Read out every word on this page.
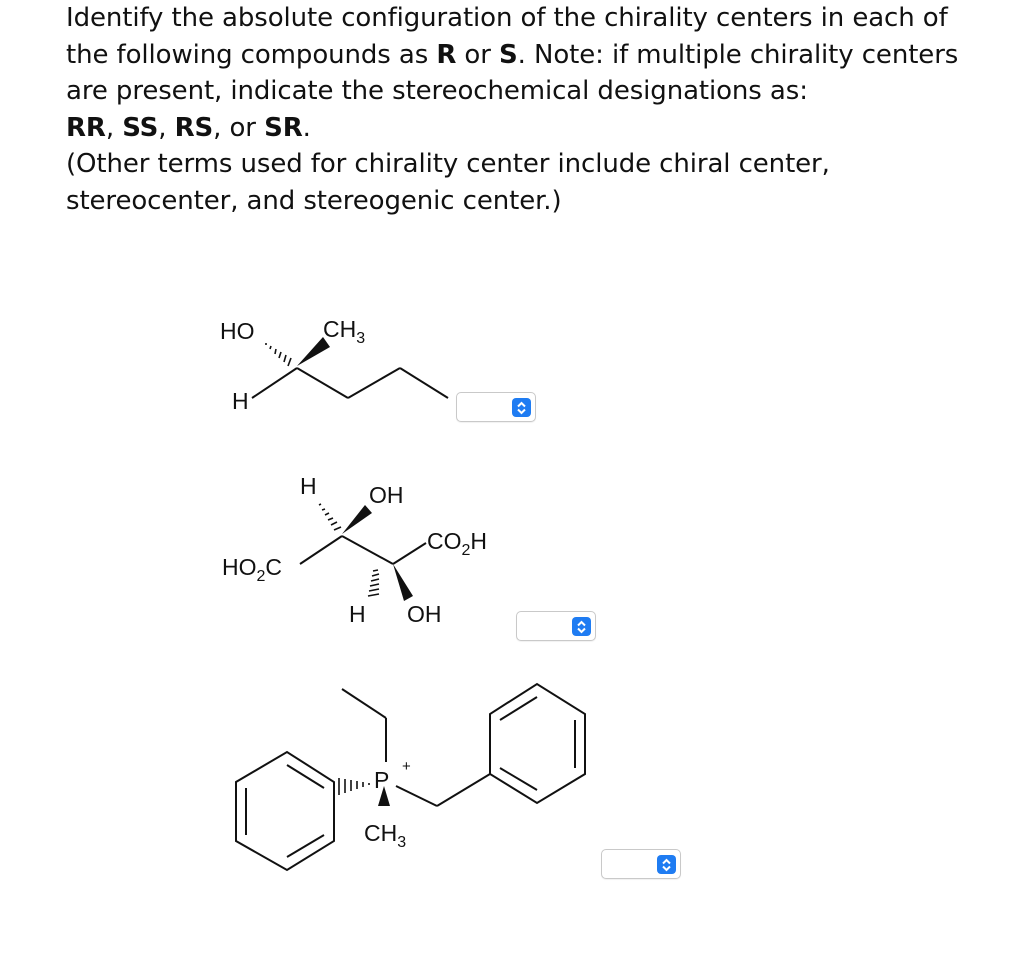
Identify the absolute configuration of the chirality centers in each of the following compounds as R or S. Note: if multiple chirality centers are present, indicate the stereochemical designations as:
RR, SS, RS, or SR.

(Other terms used for chirality center include chiral center, stereocenter, and stereogenic center.)

HO	$CH_3$
H
H OH
$CO_2H$
$HO_2C$
H OH
P
+
$CH_3$
